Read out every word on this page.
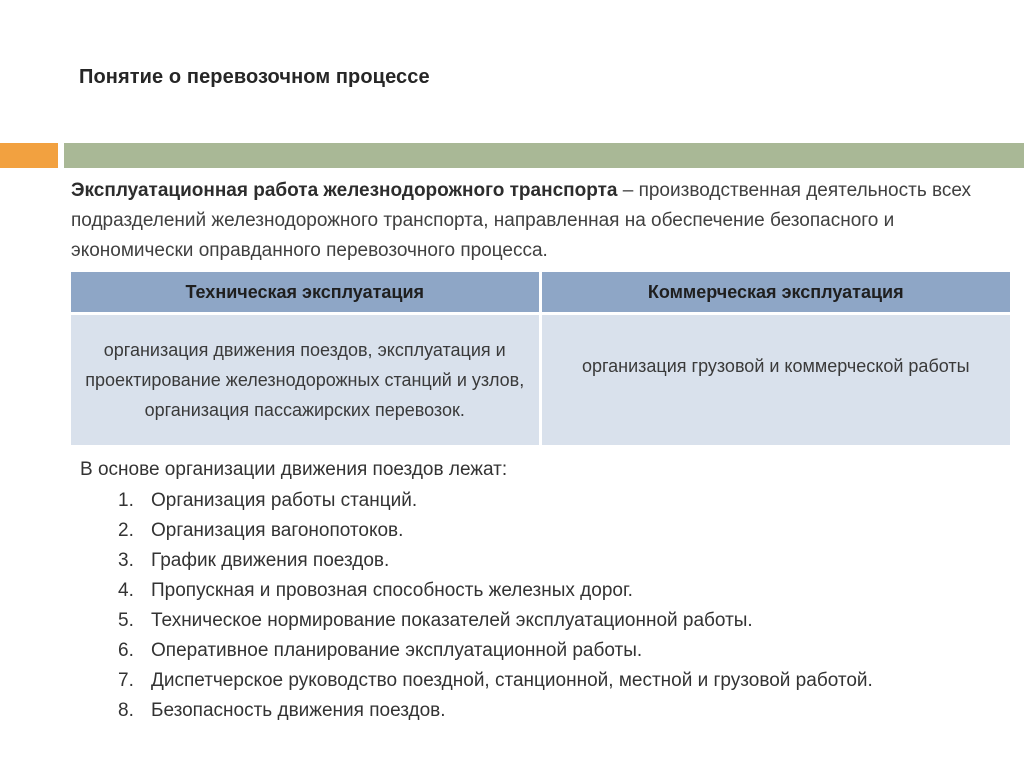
Понятие о перевозочном процессе
Эксплуатационная работа железнодорожного транспорта – производственная деятельность всех подразделений железнодорожного транспорта, направленная на обеспечение безопасного и экономически оправданного перевозочного процесса.
Техническая эксплуатация	Коммерческая эксплуатация
организация движения поездов, эксплуатация и проектирование железнодорожных станций и узлов, организация пассажирских перевозок.	организация грузовой и коммерческой работы
В основе организации движения поездов лежат:
1. Организация работы станций.
2. Организация вагонопотоков.
3. График движения поездов.
4. Пропускная и провозная способность железных дорог.
5. Техническое нормирование показателей эксплуатационной работы.
6. Оперативное планирование эксплуатационной работы.
7. Диспетчерское руководство поездной, станционной, местной и грузовой работой.
8. Безопасность движения поездов.
